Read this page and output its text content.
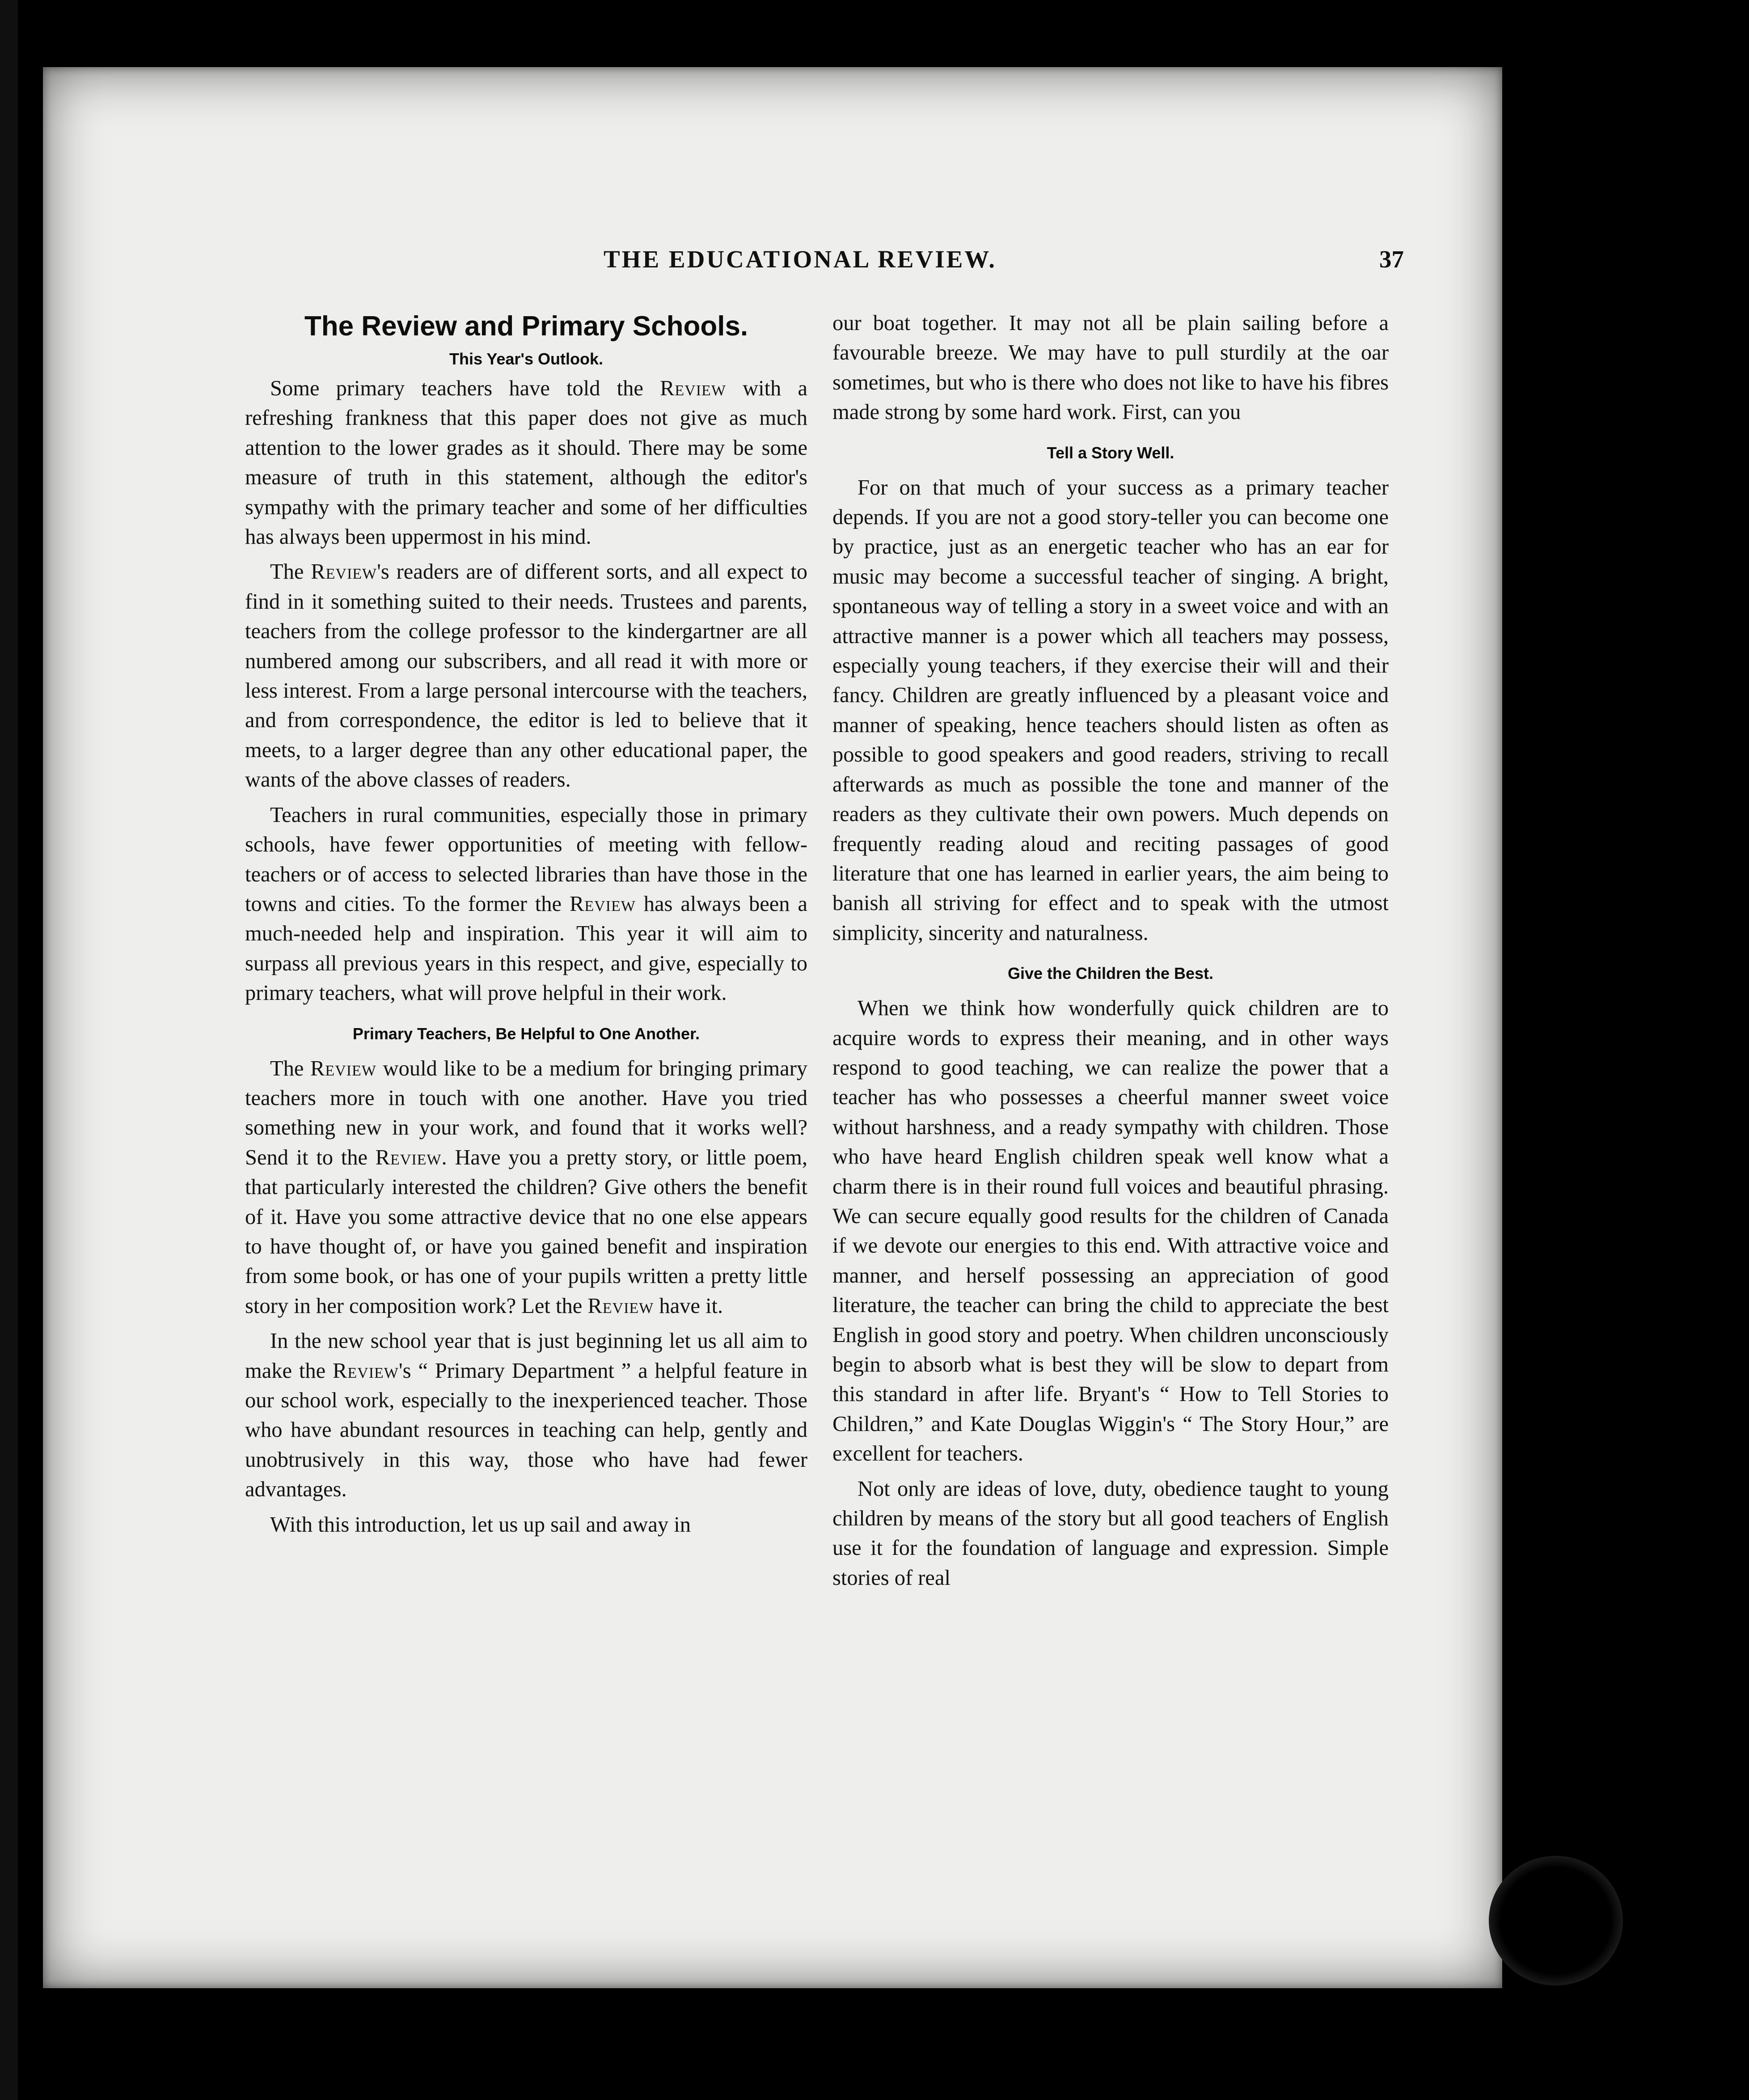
THE EDUCATIONAL REVIEW.	37
The Review and Primary Schools.
This Year's Outlook.

Some primary teachers have told the Review with a refreshing frankness that this paper does not give as much attention to the lower grades as it should. There may be some measure of truth in this statement, although the editor's sympathy with the primary teacher and some of her difficulties has always been uppermost in his mind.

The Review's readers are of different sorts, and all expect to find in it something suited to their needs. Trustees and parents, teachers from the college professor to the kindergartner are all numbered among our subscribers, and all read it with more or less interest. From a large personal intercourse with the teachers, and from correspondence, the editor is led to believe that it meets, to a larger degree than any other educational paper, the wants of the above classes of readers.

Teachers in rural communities, especially those in primary schools, have fewer opportunities of meeting with fellow-teachers or of access to selected libraries than have those in the towns and cities. To the former the Review has always been a much-needed help and inspiration. This year it will aim to surpass all previous years in this respect, and give, especially to primary teachers, what will prove helpful in their work.

Primary Teachers, Be Helpful to One Another.

The Review would like to be a medium for bringing primary teachers more in touch with one another. Have you tried something new in your work, and found that it works well? Send it to the Review. Have you a pretty story, or little poem, that particularly interested the children? Give others the benefit of it. Have you some attractive device that no one else appears to have thought of, or have you gained benefit and inspiration from some book, or has one of your pupils written a pretty little story in her composition work? Let the Review have it.

In the new school year that is just beginning let us all aim to make the Review's “ Primary Department ” a helpful feature in our school work, especially to the inexperienced teacher. Those who have abundant resources in teaching can help, gently and unobtrusively in this way, those who have had fewer advantages.

With this introduction, let us up sail and away in

our boat together. It may not all be plain sailing before a favourable breeze. We may have to pull sturdily at the oar sometimes, but who is there who does not like to have his fibres made strong by some hard work. First, can you

Tell a Story Well.

For on that much of your success as a primary teacher depends. If you are not a good story-teller you can become one by practice, just as an energetic teacher who has an ear for music may become a successful teacher of singing. A bright, spontaneous way of telling a story in a sweet voice and with an attractive manner is a power which all teachers may possess, especially young teachers, if they exercise their will and their fancy. Children are greatly influenced by a pleasant voice and manner of speaking, hence teachers should listen as often as possible to good speakers and good readers, striving to recall afterwards as much as possible the tone and manner of the readers as they cultivate their own powers. Much depends on frequently reading aloud and reciting passages of good literature that one has learned in earlier years, the aim being to banish all striving for effect and to speak with the utmost simplicity, sincerity and naturalness.

Give the Children the Best.

When we think how wonderfully quick children are to acquire words to express their meaning, and in other ways respond to good teaching, we can realize the power that a teacher has who possesses a cheerful manner sweet voice without harshness, and a ready sympathy with children. Those who have heard English children speak well know what a charm there is in their round full voices and beautiful phrasing. We can secure equally good results for the children of Canada if we devote our energies to this end. With attractive voice and manner, and herself possessing an appreciation of good literature, the teacher can bring the child to appreciate the best English in good story and poetry. When children unconsciously begin to absorb what is best they will be slow to depart from this standard in after life. Bryant's “ How to Tell Stories to Children,” and Kate Douglas Wiggin's “ The Story Hour,” are excellent for teachers.

Not only are ideas of love, duty, obedience taught to young children by means of the story but all good teachers of English use it for the foundation of language and expression. Simple stories of real
